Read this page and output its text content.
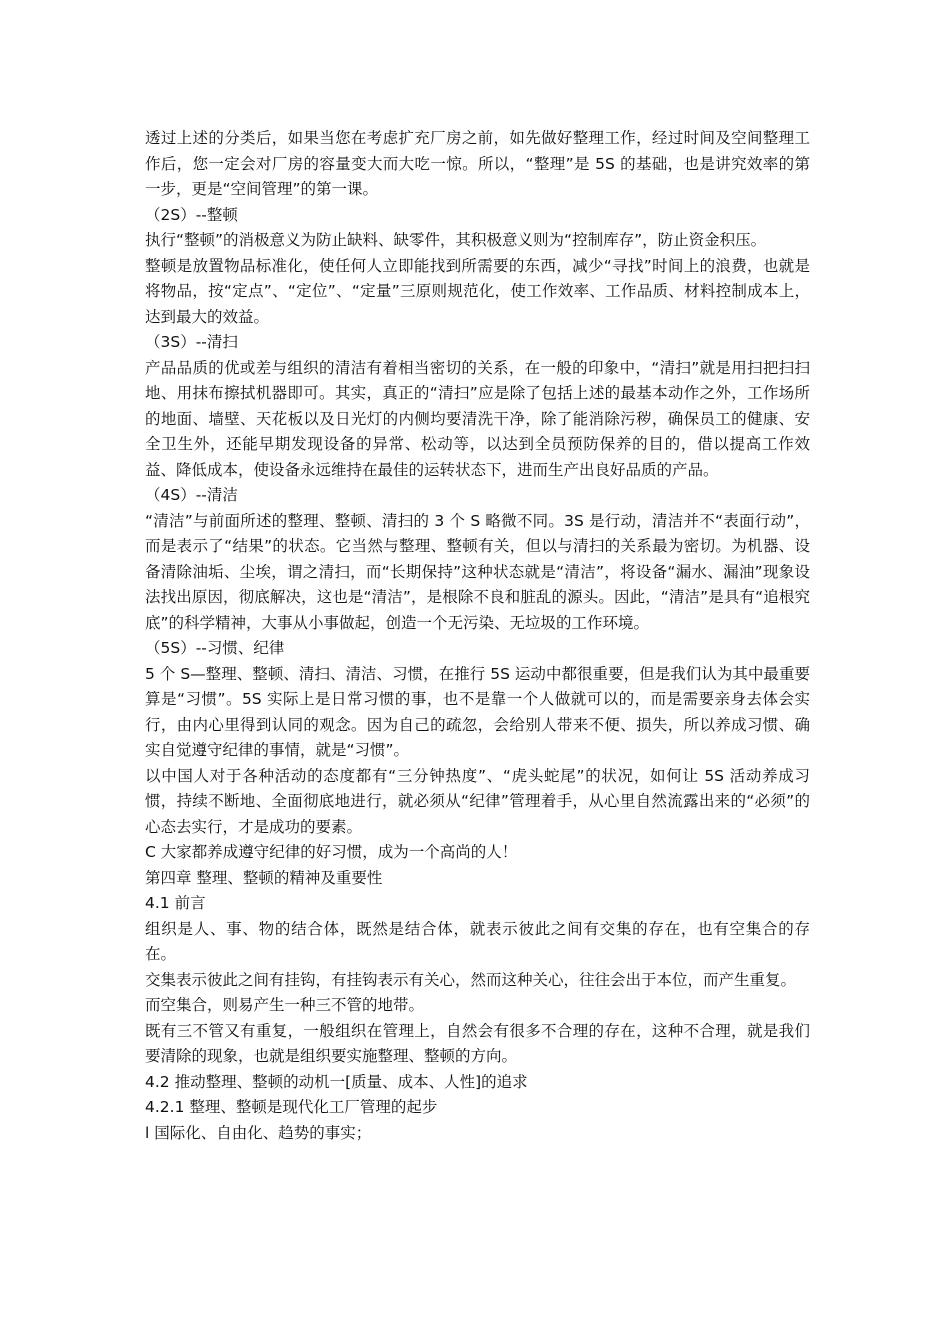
透过上述的分类后，如果当您在考虑扩充厂房之前，如先做好整理工作，经过时间及空间整理工作后，您一定会对厂房的容量变大而大吃一惊。所以，“整理”是 5S 的基础，也是讲究效率的第一步，更是“空间管理”的第一课。

（2S）--整顿

执行“整顿”的消极意义为防止缺料、缺零件，其积极意义则为“控制库存”，防止资金积压。

整顿是放置物品标准化，使任何人立即能找到所需要的东西，减少“寻找”时间上的浪费，也就是将物品，按“定点”、“定位”、“定量”三原则规范化，使工作效率、工作品质、材料控制成本上，达到最大的效益。

（3S）--清扫

产品品质的优或差与组织的清洁有着相当密切的关系，在一般的印象中，“清扫”就是用扫把扫扫地、用抹布擦拭机器即可。其实，真正的“清扫”应是除了包括上述的最基本动作之外，工作场所的地面、墙壁、天花板以及日光灯的内侧均要清洗干净，除了能消除污秽，确保员工的健康、安全卫生外，还能早期发现设备的异常、松动等，以达到全员预防保养的目的，借以提高工作效益、降低成本，使设备永远维持在最佳的运转状态下，进而生产出良好品质的产品。

（4S）--清洁

“清洁”与前面所述的整理、整顿、清扫的 3 个 S 略微不同。3S 是行动，清洁并不“表面行动”，而是表示了“结果”的状态。它当然与整理、整顿有关，但以与清扫的关系最为密切。为机器、设备清除油垢、尘埃，谓之清扫，而“长期保持”这种状态就是“清洁”，将设备“漏水、漏油”现象设法找出原因，彻底解决，这也是“清洁”，是根除不良和脏乱的源头。因此，“清洁”是具有“追根究底”的科学精神，大事从小事做起，创造一个无污染、无垃圾的工作环境。

（5S）--习惯、纪律

5 个 S—整理、整顿、清扫、清洁、习惯，在推行 5S 运动中都很重要，但是我们认为其中最重要算是“习惯”。5S 实际上是日常习惯的事，也不是靠一个人做就可以的，而是需要亲身去体会实行，由内心里得到认同的观念。因为自己的疏忽，会给别人带来不便、损失，所以养成习惯、确实自觉遵守纪律的事情，就是“习惯”。

以中国人对于各种活动的态度都有“三分钟热度”、“虎头蛇尾”的状况，如何让 5S 活动养成习惯，持续不断地、全面彻底地进行，就必须从“纪律”管理着手，从心里自然流露出来的“必须”的心态去实行，才是成功的要素。

C 大家都养成遵守纪律的好习惯，成为一个高尚的人！

第四章 整理、整顿的精神及重要性

4.1 前言

组织是人、事、物的结合体，既然是结合体，就表示彼此之间有交集的存在，也有空集合的存在。

交集表示彼此之间有挂钩，有挂钩表示有关心，然而这种关心，往往会出于本位，而产生重复。

而空集合，则易产生一种三不管的地带。

既有三不管又有重复，一般组织在管理上，自然会有很多不合理的存在，这种不合理，就是我们要清除的现象，也就是组织要实施整理、整顿的方向。

4.2 推动整理、整顿的动机一[质量、成本、人性]的追求

4.2.1 整理、整顿是现代化工厂管理的起步

l 国际化、自由化、趋势的事实；
